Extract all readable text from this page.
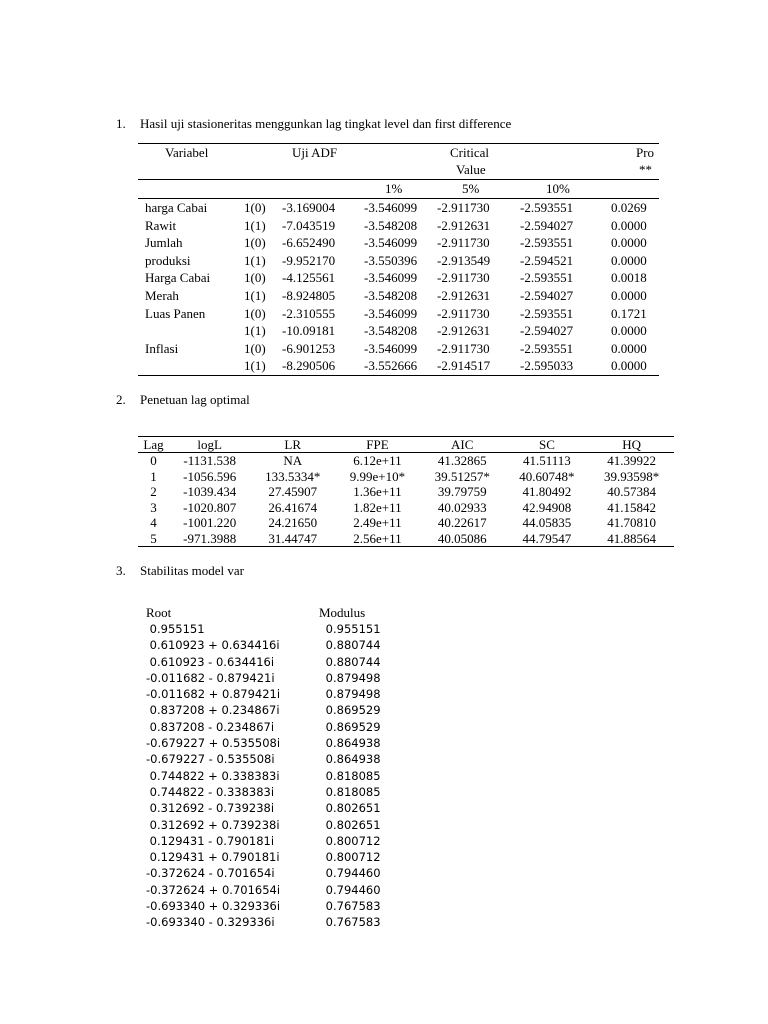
1. Hasil uji stasioneritas menggunkan lag tingkat level dan first difference
2. Penetuan lag optimal
3. Stabilitas model var
Variabel	Uji ADF	Critical
Value
Pro
**
1%	5%	10%
harga Cabai	1(0) -3.169004 -3.546099 -2.911730 -2.593551	0.0269
Rawit	1(1) -7.043519 -3.548208 -2.912631 -2.594027	0.0000
Jumlah	1(0) -6.652490 -3.546099 -2.911730 -2.593551	0.0000
produksi	1(1) -9.952170 -3.550396 -2.913549 -2.594521	0.0000
Harga Cabai	1(0) -4.125561 -3.546099 -2.911730 -2.593551	0.0018
Merah	1(1) -8.924805 -3.548208 -2.912631 -2.594027	0.0000
Luas Panen	1(0) -2.310555 -3.546099 -2.911730 -2.593551	0.1721
1(1) -10.09181 -3.548208 -2.912631 -2.594027	0.0000
Inflasi	1(0) -6.901253 -3.546099 -2.911730 -2.593551	0.0000
1(1) -8.290506 -3.552666 -2.914517 -2.595033	0.0000
Lag	logL	LR	FPE	AIC	SC	HQ
0	-1131.538	NA	6.12e+11	41.32865	41.51113	41.39922
1	-1056.596	133.5334*	9.99e+10*	39.51257*	40.60748*	39.93598*
2	-1039.434	27.45907	1.36e+11	39.79759	41.80492	40.57384
3	-1020.807	26.41674	1.82e+11	40.02933	42.94908	41.15842
4	-1001.220	24.21650	2.49e+11	40.22617	44.05835	41.70810
5	-971.3988	31.44747	2.56e+11	40.05086	44.79547	41.88564
Root	Modulus
0.955151	0.955151
0.610923 + 0.634416i	0.880744
0.610923 - 0.634416i	0.880744
-0.011682 - 0.879421i	0.879498
-0.011682 + 0.879421i	0.879498
0.837208 + 0.234867i	0.869529
0.837208 - 0.234867i	0.869529
-0.679227 + 0.535508i	0.864938
-0.679227 - 0.535508i	0.864938
0.744822 + 0.338383i	0.818085
0.744822 - 0.338383i	0.818085
0.312692 - 0.739238i	0.802651
0.312692 + 0.739238i	0.802651
0.129431 - 0.790181i	0.800712
0.129431 + 0.790181i	0.800712
-0.372624 - 0.701654i	0.794460
-0.372624 + 0.701654i	0.794460
-0.693340 + 0.329336i	0.767583
-0.693340 - 0.329336i	0.767583
